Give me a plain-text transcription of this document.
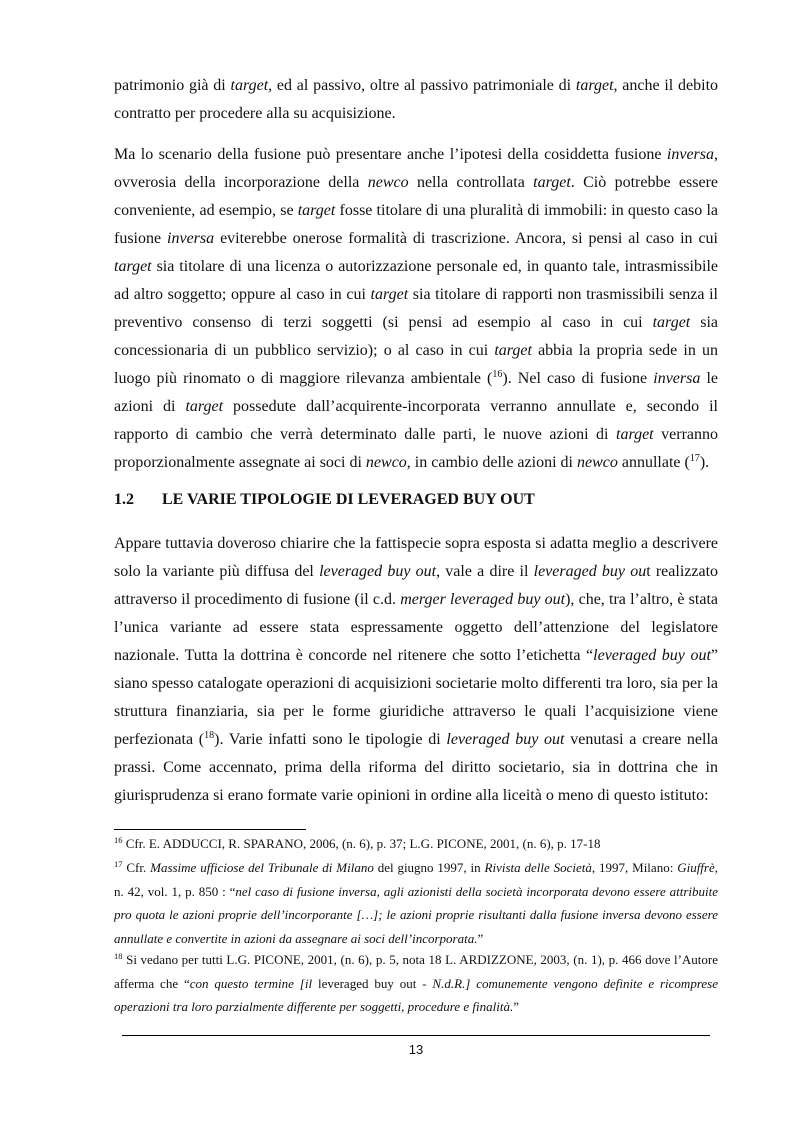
patrimonio già di target, ed al passivo, oltre al passivo patrimoniale di target, anche il debito contratto per procedere alla su acquisizione.

Ma lo scenario della fusione può presentare anche l’ipotesi della cosiddetta fusione inversa, ovverosia della incorporazione della newco nella controllata target. Ciò potrebbe essere conveniente, ad esempio, se target fosse titolare di una pluralità di immobili: in questo caso la fusione inversa eviterebbe onerose formalità di trascrizione. Ancora, si pensi al caso in cui target sia titolare di una licenza o autorizzazione personale ed, in quanto tale, intrasmissibile ad altro soggetto; oppure al caso in cui target sia titolare di rapporti non trasmissibili senza il preventivo consenso di terzi soggetti (si pensi ad esempio al caso in cui target sia concessionaria di un pubblico servizio); o al caso in cui target abbia la propria sede in un luogo più rinomato o di maggiore rilevanza ambientale ($^{16}$). Nel caso di fusione inversa le azioni di target possedute dall’acquirente-incorporata verranno annullate e, secondo il rapporto di cambio che verrà determinato dalle parti, le nuove azioni di target verranno proporzionalmente assegnate ai soci di newco, in cambio delle azioni di newco annullate ($^{17}$).

1.2 LE VARIE TIPOLOGIE DI LEVERAGED BUY OUT

Appare tuttavia doveroso chiarire che la fattispecie sopra esposta si adatta meglio a descrivere solo la variante più diffusa del leveraged buy out, vale a dire il leveraged buy out realizzato attraverso il procedimento di fusione (il c.d. merger leveraged buy out), che, tra l’altro, è stata l’unica variante ad essere stata espressamente oggetto dell’attenzione del legislatore nazionale. Tutta la dottrina è concorde nel ritenere che sotto l’etichetta “leveraged buy out” siano spesso catalogate operazioni di acquisizioni societarie molto differenti tra loro, sia per la struttura finanziaria, sia per le forme giuridiche attraverso le quali l’acquisizione viene perfezionata ($^{18}$). Varie infatti sono le tipologie di leveraged buy out venutasi a creare nella prassi. Come accennato, prima della riforma del diritto societario, sia in dottrina che in giurisprudenza si erano formate varie opinioni in ordine alla liceità o meno di questo istituto:

$^{16}$ Cfr. E. ADDUCCI, R. SPARANO, 2006, (n. 6), p. 37; L.G. PICONE, 2001, (n. 6), p. 17-18

$^{17}$ Cfr. Massime ufficiose del Tribunale di Milano del giugno 1997, in Rivista delle Società, 1997, Milano: Giuffrè, n. 42, vol. 1, p. 850 : “nel caso di fusione inversa, agli azionisti della società incorporata devono essere attribuite pro quota le azioni proprie dell’incorporante […]; le azioni proprie risultanti dalla fusione inversa devono essere annullate e convertite in azioni da assegnare ai soci dell’incorporata.”

$^{18}$ Si vedano per tutti L.G. PICONE, 2001, (n. 6), p. 5, nota 18 L. ARDIZZONE, 2003, (n. 1), p. 466 dove l’Autore afferma che “con questo termine [il leveraged buy out - N.d.R.] comunemente vengono definite e ricomprese operazioni tra loro parzialmente differente per soggetti, procedure e finalità.”

13
